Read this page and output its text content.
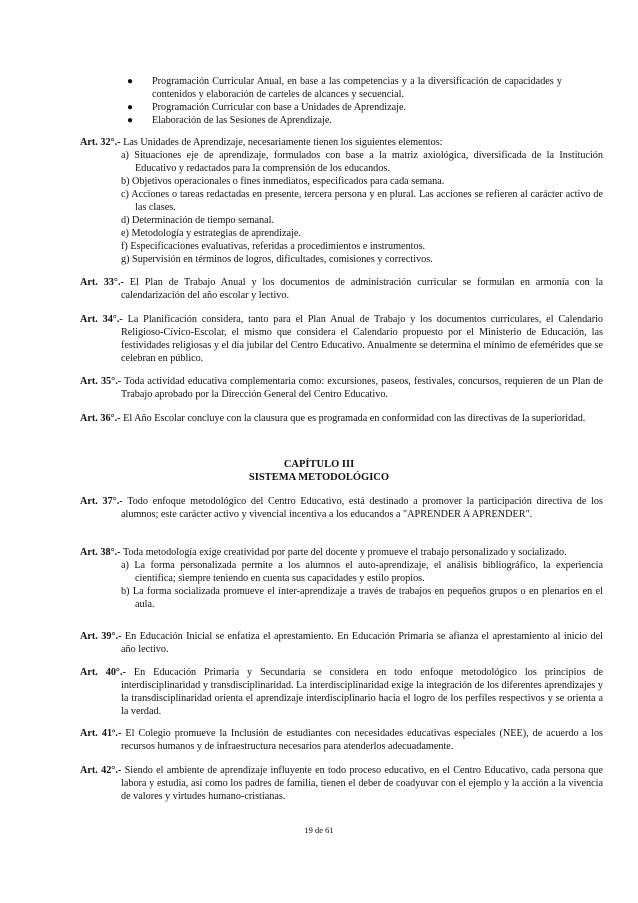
● Programación Curricular Anual, en base a las competencias y a la diversificación de capacidades y contenidos y elaboración de carteles de alcances y secuencial.
● Programación Curricular con base a Unidades de Aprendizaje.
● Elaboración de las Sesiones de Aprendizaje.
Art. 32°.- Las Unidades de Aprendizaje, necesariamente tienen los siguientes elementos:

a) Situaciones eje de aprendizaje, formulados con base a la matriz axiológica, diversificada de la Institución Educativo y redactados para la comprensión de los educandos.

b) Objetivos operacionales o fines inmediatos, especificados para cada semana.

c) Acciones o tareas redactadas en presente, tercera persona y en plural. Las acciones se refieren al carácter activo de las clases.

d) Determinación de tiempo semanal.

e) Metodología y estrategias de aprendizaje.

f) Especificaciones evaluativas, referidas a procedimientos e instrumentos.

g) Supervisión en términos de logros, dificultades, comisiones y correctivos.

Art. 33°.- El Plan de Trabajo Anual y los documentos de administración curricular se formulan en armonía con la calendarización del año escolar y lectivo.
Art. 34°.- La Planificación considera, tanto para el Plan Anual de Trabajo y los documentos curriculares, el Calendario Religioso-Cívico-Escolar, el mismo que considera el Calendario propuesto por el Ministerio de Educación, las festividades religiosas y el día jubilar del Centro Educativo. Anualmente se determina el mínimo de efemérides que se celebran en público.
Art. 35°.- Toda actividad educativa complementaria como: excursiones, paseos, festivales, concursos, requieren de un Plan de Trabajo aprobado por la Dirección General del Centro Educativo.
Art. 36°.- El Año Escolar concluye con la clausura que es programada en conformidad con las directivas de la superioridad.
CAPÍTULO III
SISTEMA METODOLÓGICO
Art. 37°.- Todo enfoque metodológico del Centro Educativo, está destinado a promover la participación directiva de los alumnos; este carácter activo y vivencial incentiva a los educandos a "APRENDER A APRENDER".
Art. 38°.- Toda metodología exige creatividad por parte del docente y promueve el trabajo personalizado y socializado.

a) La forma personalizada permite a los alumnos el auto-aprendizaje, el análisis bibliográfico, la experiencia científica; siempre teniendo en cuenta sus capacidades y estilo propios.

b) La forma socializada promueve el ínter-aprendizaje a través de trabajos en pequeños grupos o en plenarios en el aula.

Art. 39°.- En Educación Inicial se enfatiza el aprestamiento. En Educación Primaria se afianza el aprestamiento al inicio del año lectivo.
Art. 40°.- En Educación Primaria y Secundaria se considera en todo enfoque metodológico los principios de interdisciplinaridad y transdisciplinaridad. La interdisciplinaridad exige la integración de los diferentes aprendizajes y la transdisciplinaridad orienta el aprendizaje interdisciplinario hacia el logro de los perfiles respectivos y se orienta a la verdad.
Art. 41º.- El Colegio promueve la Inclusión de estudiantes con necesidades educativas especiales (NEE), de acuerdo a los recursos humanos y de infraestructura necesarios para atenderlos adecuadamente.
Art. 42°.- Siendo el ambiente de aprendizaje influyente en todo proceso educativo, en el Centro Educativo, cada persona que labora y estudia, así como los padres de familia, tienen el deber de coadyuvar con el ejemplo y la acción a la vivencia de valores y virtudes humano-cristianas.
19 de 61
